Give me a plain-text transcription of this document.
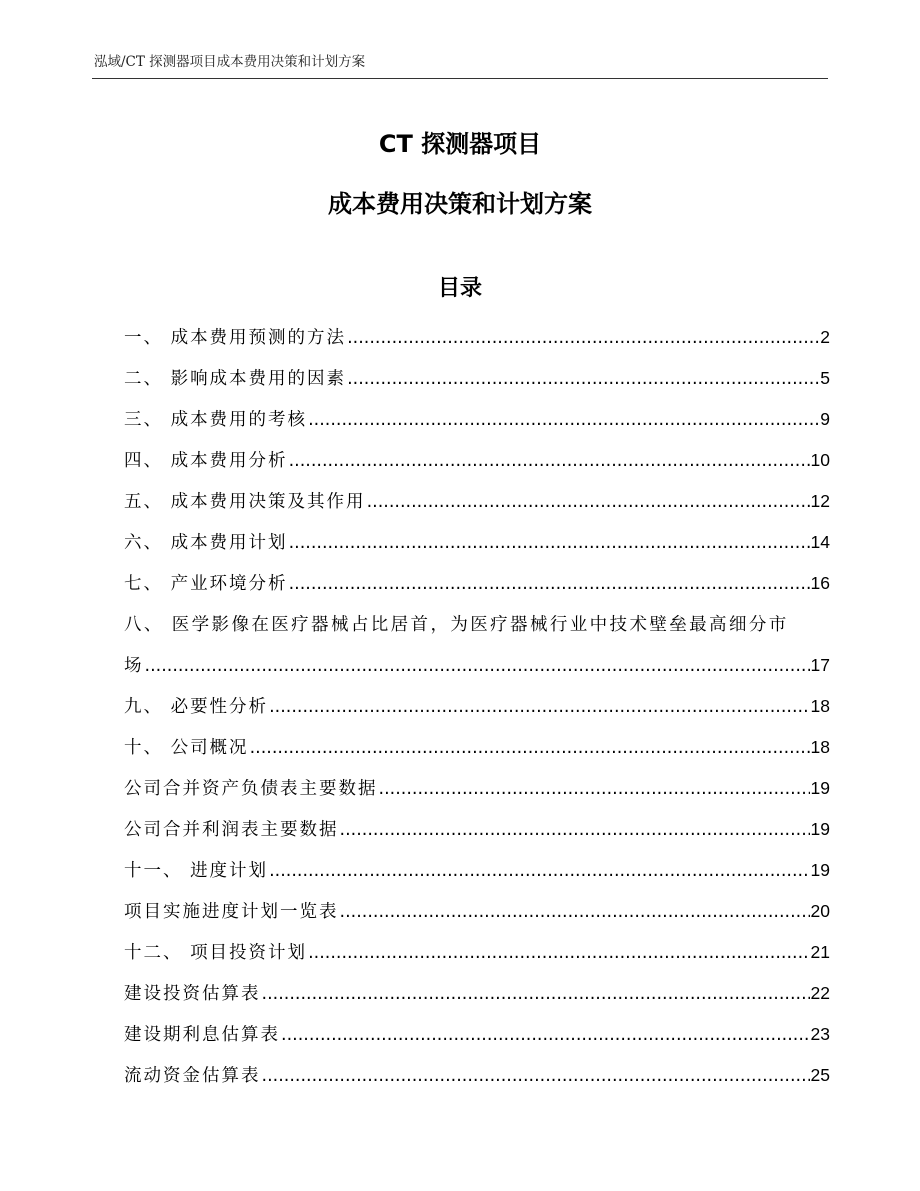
泓域/CT 探测器项目成本费用决策和计划方案
CT 探测器项目
成本费用决策和计划方案
目录
一、 成本费用预测的方法 .....	2
二、 影响成本费用的因素 .....	5
三、 成本费用的考核 .....	9
四、 成本费用分析 .....	10
五、 成本费用决策及其作用 .....	12
六、 成本费用计划 .....	14
七、 产业环境分析 .....	16
八、 医学影像在医疗器械占比居首，为医疗器械行业中技术壁垒最高细分市
场 .....	17
九、 必要性分析 .....	18
十、 公司概况 .....	18
公司合并资产负债表主要数据 .....	19
公司合并利润表主要数据 .....	19
十一、 进度计划 .....	19
项目实施进度计划一览表 .....	20
十二、 项目投资计划 .....	21
建设投资估算表 .....	22
建设期利息估算表 .....	23
流动资金估算表 .....	25
